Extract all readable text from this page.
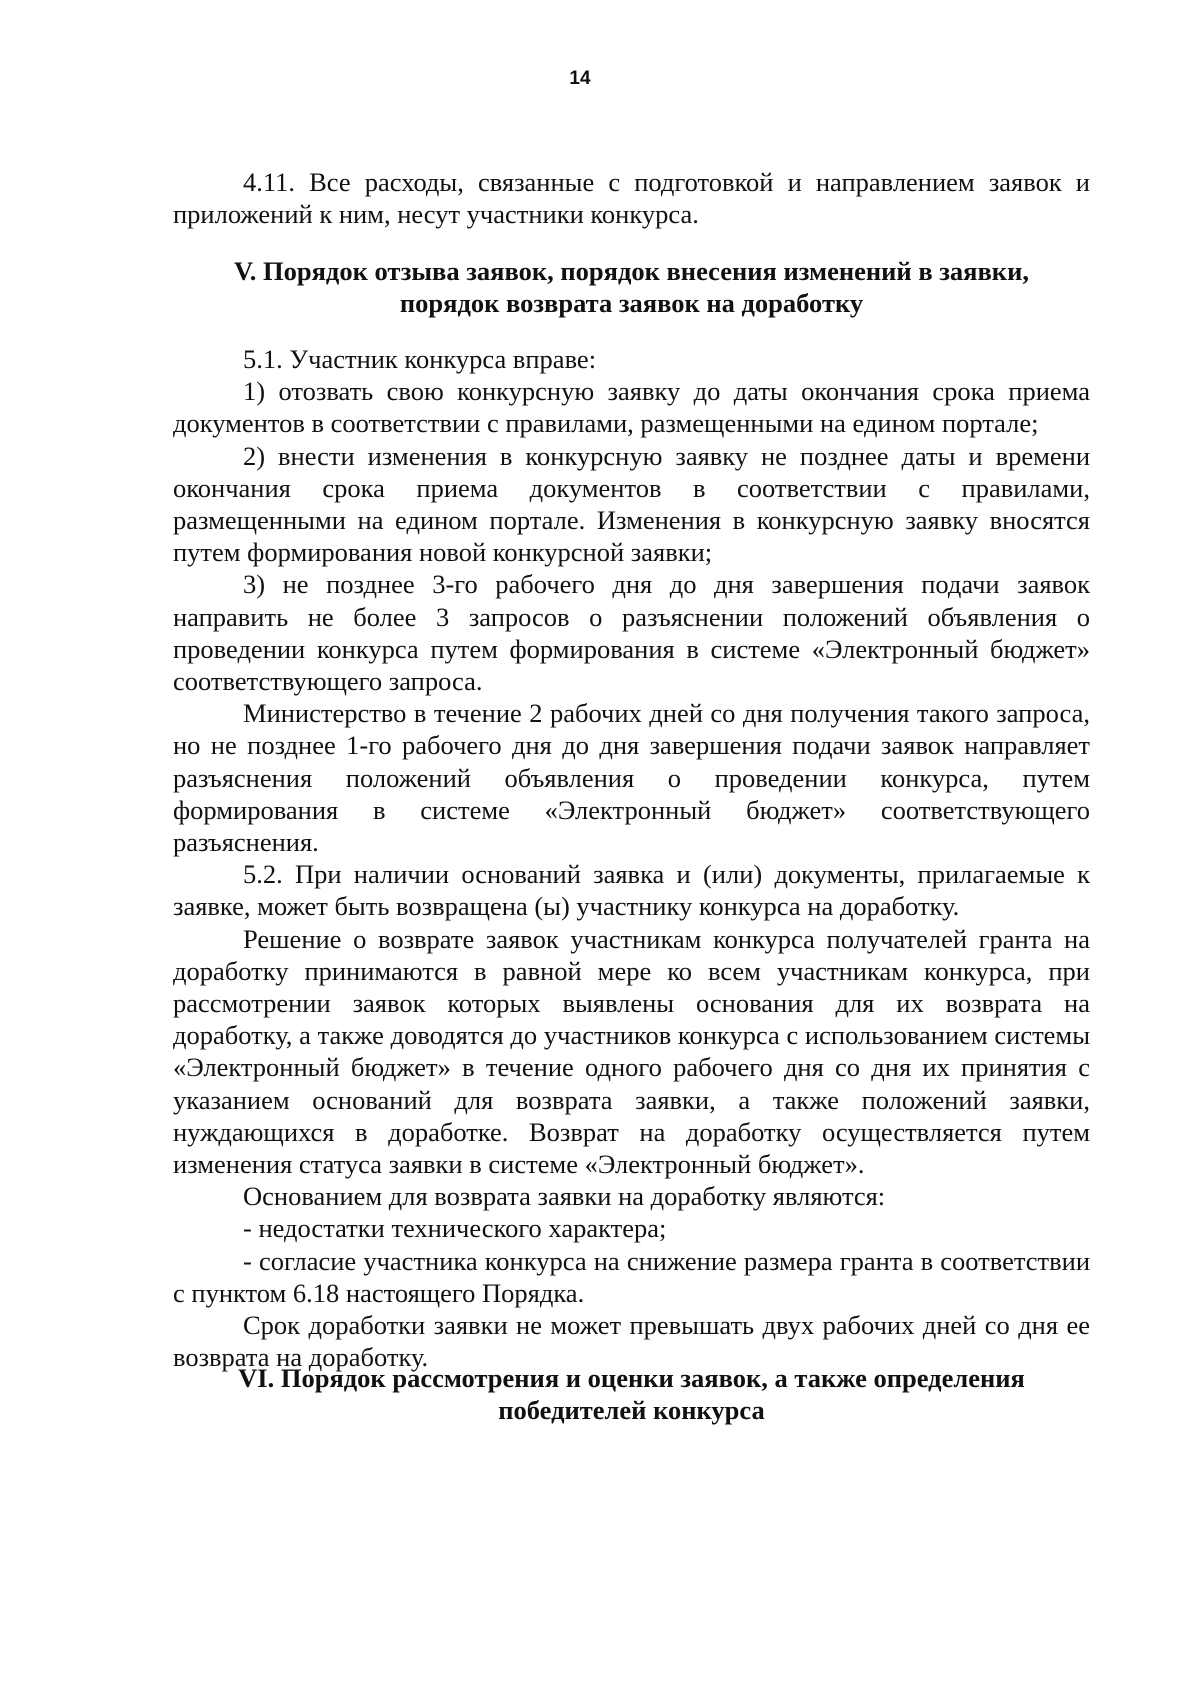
14

4.11. Все расходы, связанные с подготовкой и направлением заявок и приложений к ним, несут участники конкурса.

V. Порядок отзыва заявок, порядок внесения изменений в заявки,

порядок возврата заявок на доработку

5.1. Участник конкурса вправе:

1) отозвать свою конкурсную заявку до даты окончания срока приема документов в соответствии с правилами, размещенными на едином портале;

2) внести изменения в конкурсную заявку не позднее даты и времени окончания срока приема документов в соответствии с правилами, размещенными на едином портале. Изменения в конкурсную заявку вносятся путем формирования новой конкурсной заявки;

3) не позднее 3-го рабочего дня до дня завершения подачи заявок направить не более 3 запросов о разъяснении положений объявления о проведении конкурса путем формирования в системе «Электронный бюджет» соответствующего запроса.

Министерство в течение 2 рабочих дней со дня получения такого запроса, но не позднее 1-го рабочего дня до дня завершения подачи заявок направляет разъяснения положений объявления о проведении конкурса, путем формирования в системе «Электронный бюджет» соответствующего разъяснения.

5.2. При наличии оснований заявка и (или) документы, прилагаемые к заявке, может быть возвращена (ы) участнику конкурса на доработку.

Решение о возврате заявок участникам конкурса получателей гранта на доработку принимаются в равной мере ко всем участникам конкурса, при рассмотрении заявок которых выявлены основания для их возврата на доработку, а также доводятся до участников конкурса с использованием системы «Электронный бюджет» в течение одного рабочего дня со дня их принятия с указанием оснований для возврата заявки, а также положений заявки, нуждающихся в доработке. Возврат на доработку осуществляется путем изменения статуса заявки в системе «Электронный бюджет».

Основанием для возврата заявки на доработку являются:

- недостатки технического характера;

- согласие участника конкурса на снижение размера гранта в соответствии с пунктом 6.18 настоящего Порядка.

Срок доработки заявки не может превышать двух рабочих дней со дня ее возврата на доработку.

VI. Порядок рассмотрения и оценки заявок, а также определения

победителей конкурса
